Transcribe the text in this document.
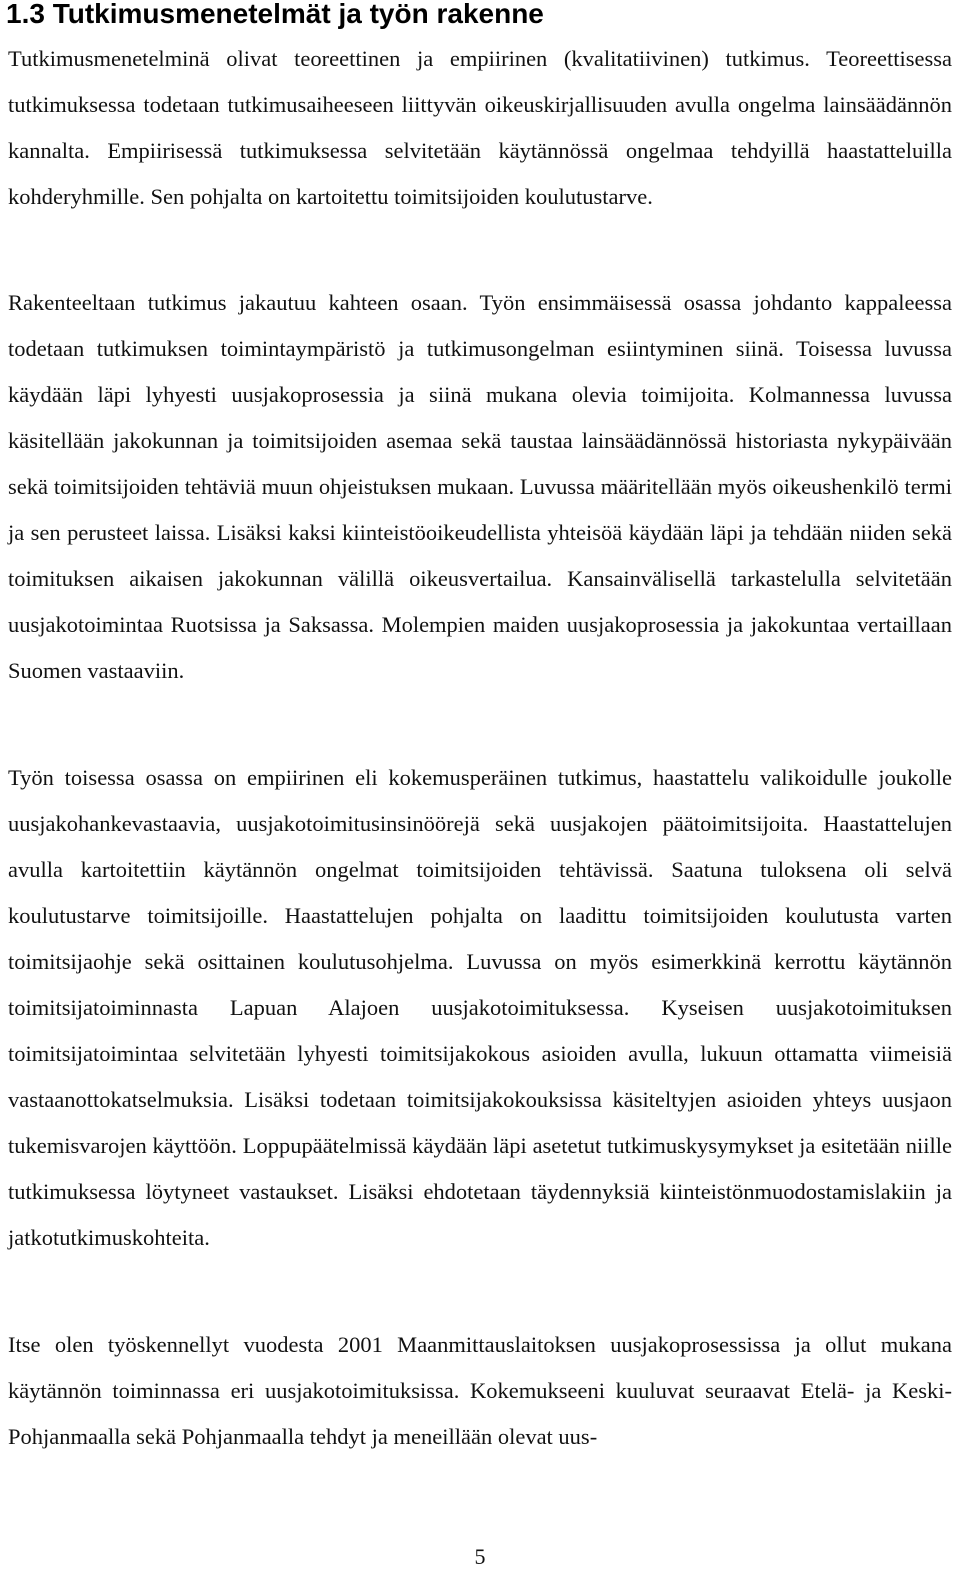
1.3 Tutkimusmenetelmät ja työn rakenne

Tutkimusmenetelminä olivat teoreettinen ja empiirinen (kvalitatiivinen) tutkimus. Teoreettisessa tutkimuksessa todetaan tutkimusaiheeseen liittyvän oikeuskirjallisuuden avulla ongelma lainsäädännön kannalta. Empiirisessä tutkimuksessa selvitetään käytännössä ongelmaa tehdyillä haastatteluilla kohderyhmille. Sen pohjalta on kartoitettu toimitsijoiden koulutustarve.

Rakenteeltaan tutkimus jakautuu kahteen osaan. Työn ensimmäisessä osassa johdanto kappaleessa todetaan tutkimuksen toimintaympäristö ja tutkimusongelman esiintyminen siinä. Toisessa luvussa käydään läpi lyhyesti uusjakoprosessia ja siinä mukana olevia toimijoita. Kolmannessa luvussa käsitellään jakokunnan ja toimitsijoiden asemaa sekä taustaa lainsäädännössä historiasta nykypäivään sekä toimitsijoiden tehtäviä muun ohjeistuksen mukaan. Luvussa määritellään myös oikeushenkilö termi ja sen perusteet laissa. Lisäksi kaksi kiinteistöoikeudellista yhteisöä käydään läpi ja tehdään niiden sekä toimituksen aikaisen jakokunnan välillä oikeusvertailua. Kansainvälisellä tarkastelulla selvitetään uusjakotoimintaa Ruotsissa ja Saksassa. Molempien maiden uusjakoprosessia ja jakokuntaa vertaillaan Suomen vastaaviin.

Työn toisessa osassa on empiirinen eli kokemusperäinen tutkimus, haastattelu valikoidulle joukolle uusjakohankevastaavia, uusjakotoimitusinsinöörejä sekä uusjakojen päätoimitsijoita. Haastattelujen avulla kartoitettiin käytännön ongelmat toimitsijoiden tehtävissä. Saatuna tuloksena oli selvä koulutustarve toimitsijoille. Haastattelujen pohjalta on laadittu toimitsijoiden koulutusta varten toimitsijaohje sekä osittainen koulutusohjelma. Luvussa on myös esimerkkinä kerrottu käytännön toimitsijatoiminnasta Lapuan Alajoen uusjakotoimituksessa. Kyseisen uusjakotoimituksen toimitsijatoimintaa selvitetään lyhyesti toimitsijakokous asioiden avulla, lukuun ottamatta viimeisiä vastaanottokatselmuksia. Lisäksi todetaan toimitsijakokouksissa käsiteltyjen asioiden yhteys uusjaon tukemisvarojen käyttöön. Loppupäätelmissä käydään läpi asetetut tutkimuskysymykset ja esitetään niille tutkimuksessa löytyneet vastaukset. Lisäksi ehdotetaan täydennyksiä kiinteistönmuodostamislakiin ja jatkotutkimuskohteita.

Itse olen työskennellyt vuodesta 2001 Maanmittauslaitoksen uusjakoprosessissa ja ollut mukana käytännön toiminnassa eri uusjakotoimituksissa. Kokemukseeni kuuluvat seuraavat Etelä- ja Keski-Pohjanmaalla sekä Pohjanmaalla tehdyt ja meneillään olevat uus-

5
